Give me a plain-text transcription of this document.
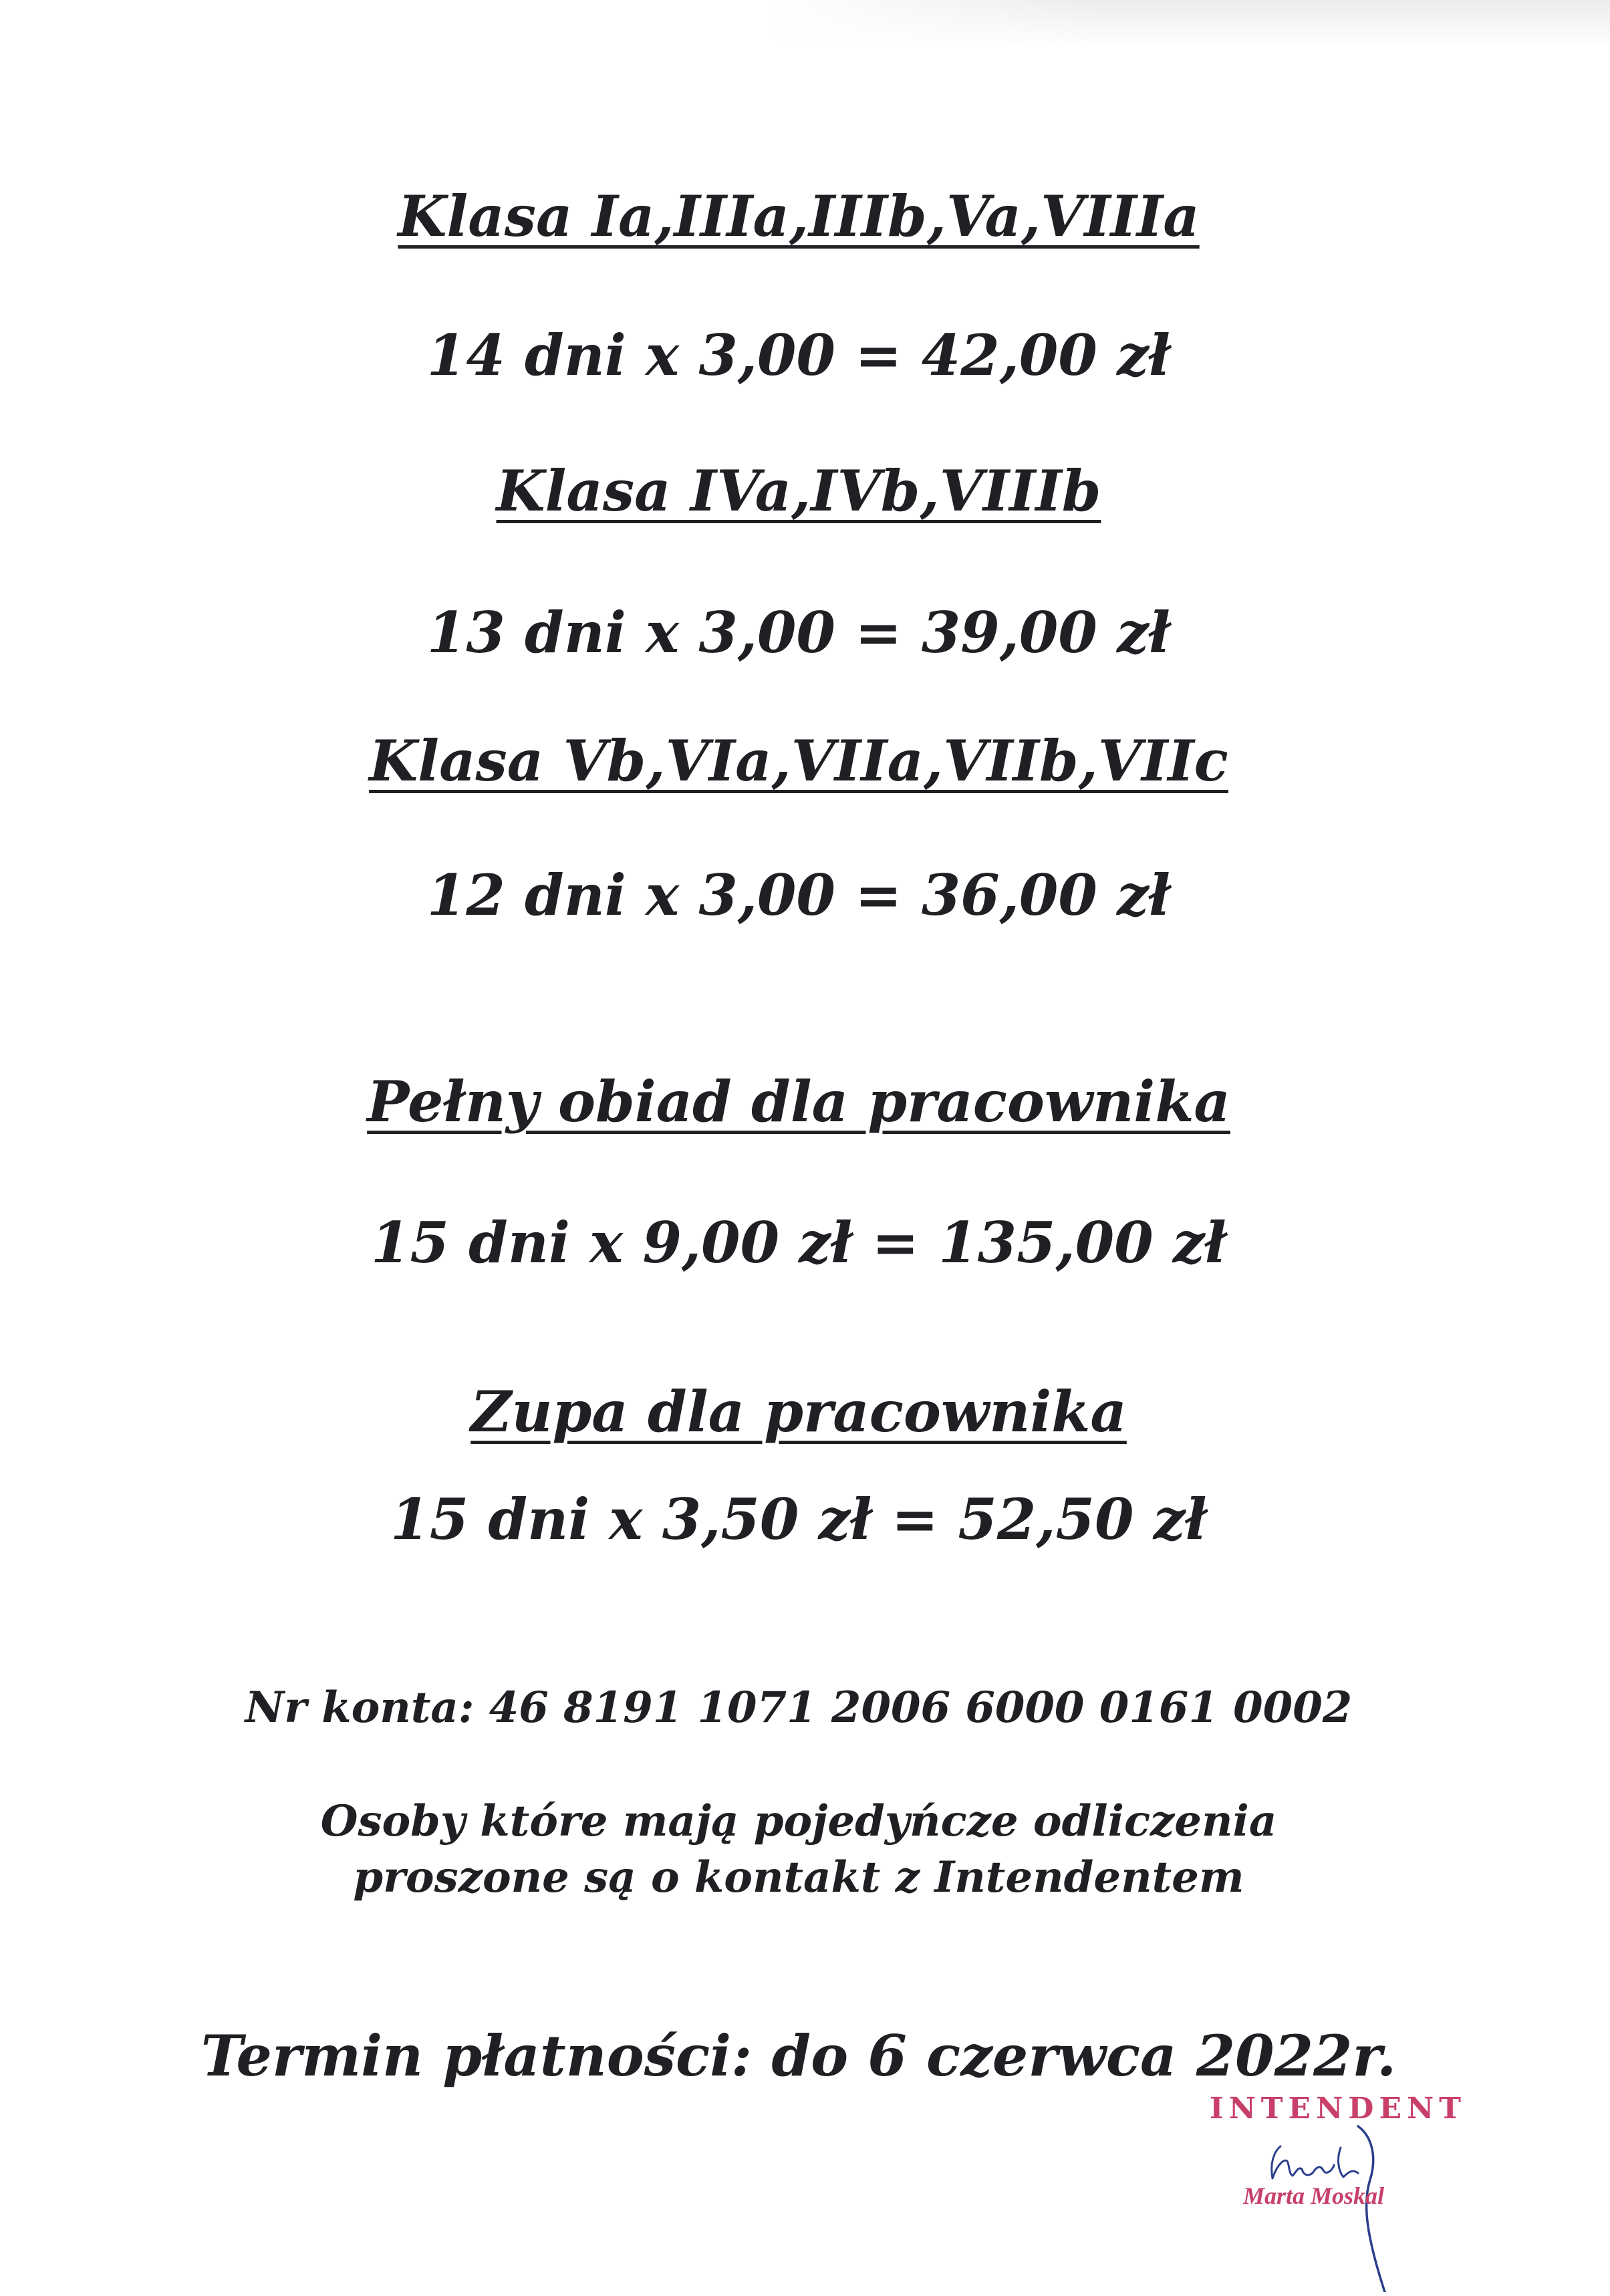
Klasa Ia,IIIa,IIIb,Va,VIIIa
14 dni x 3,00 = 42,00 zł
Klasa IVa,IVb,VIIIb
13 dni x 3,00 = 39,00 zł
Klasa Vb,VIa,VIIa,VIIb,VIIc
12 dni x 3,00 = 36,00 zł
Pełny obiad dla pracownika
15 dni x 9,00 zł = 135,00 zł
Zupa dla pracownika
15 dni x 3,50 zł = 52,50 zł
Nr konta: 46 8191 1071 2006 6000 0161 0002
Osoby które mają pojedyńcze odliczenia
proszone są o kontakt z Intendentem
Termin płatności: do 6 czerwca 2022r.
INTENDENT
Marta Moskal
